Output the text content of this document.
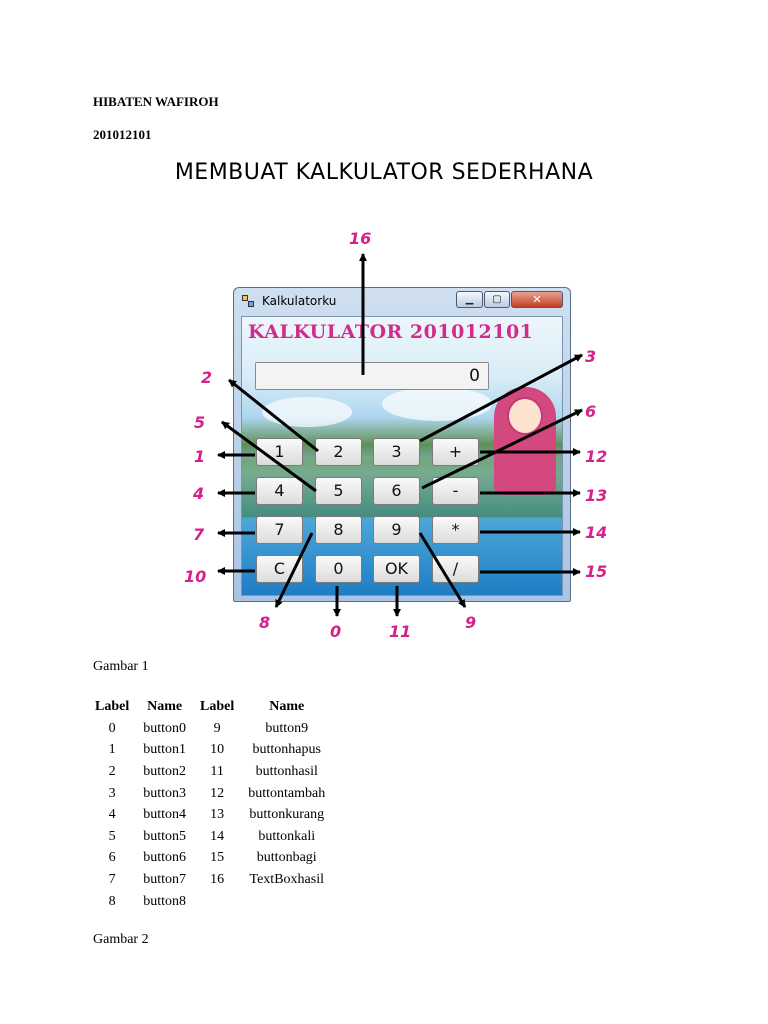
HIBATEN WAFIROH
201012101
MEMBUAT KALKULATOR SEDERHANA
Kalkulatorku	▁	▢	✕
KALKULATOR 201012101
0
1	2	3	+
4	5	6	-
7	8	9	*
C	0	OK	/
16
2
3
5
6
1	12
4	13
7	14
10	15
8	0	11	9
Gambar 1
Label	Name	Label	Name
0	button0	9	button9
1	button1	10	buttonhapus
2	button2	11	buttonhasil
3	button3	12	buttontambah
4	button4	13	buttonkurang
5	button5	14	buttonkali
6	button6	15	buttonbagi
7	button7	16	TextBoxhasil
8	button8		
Gambar 2
